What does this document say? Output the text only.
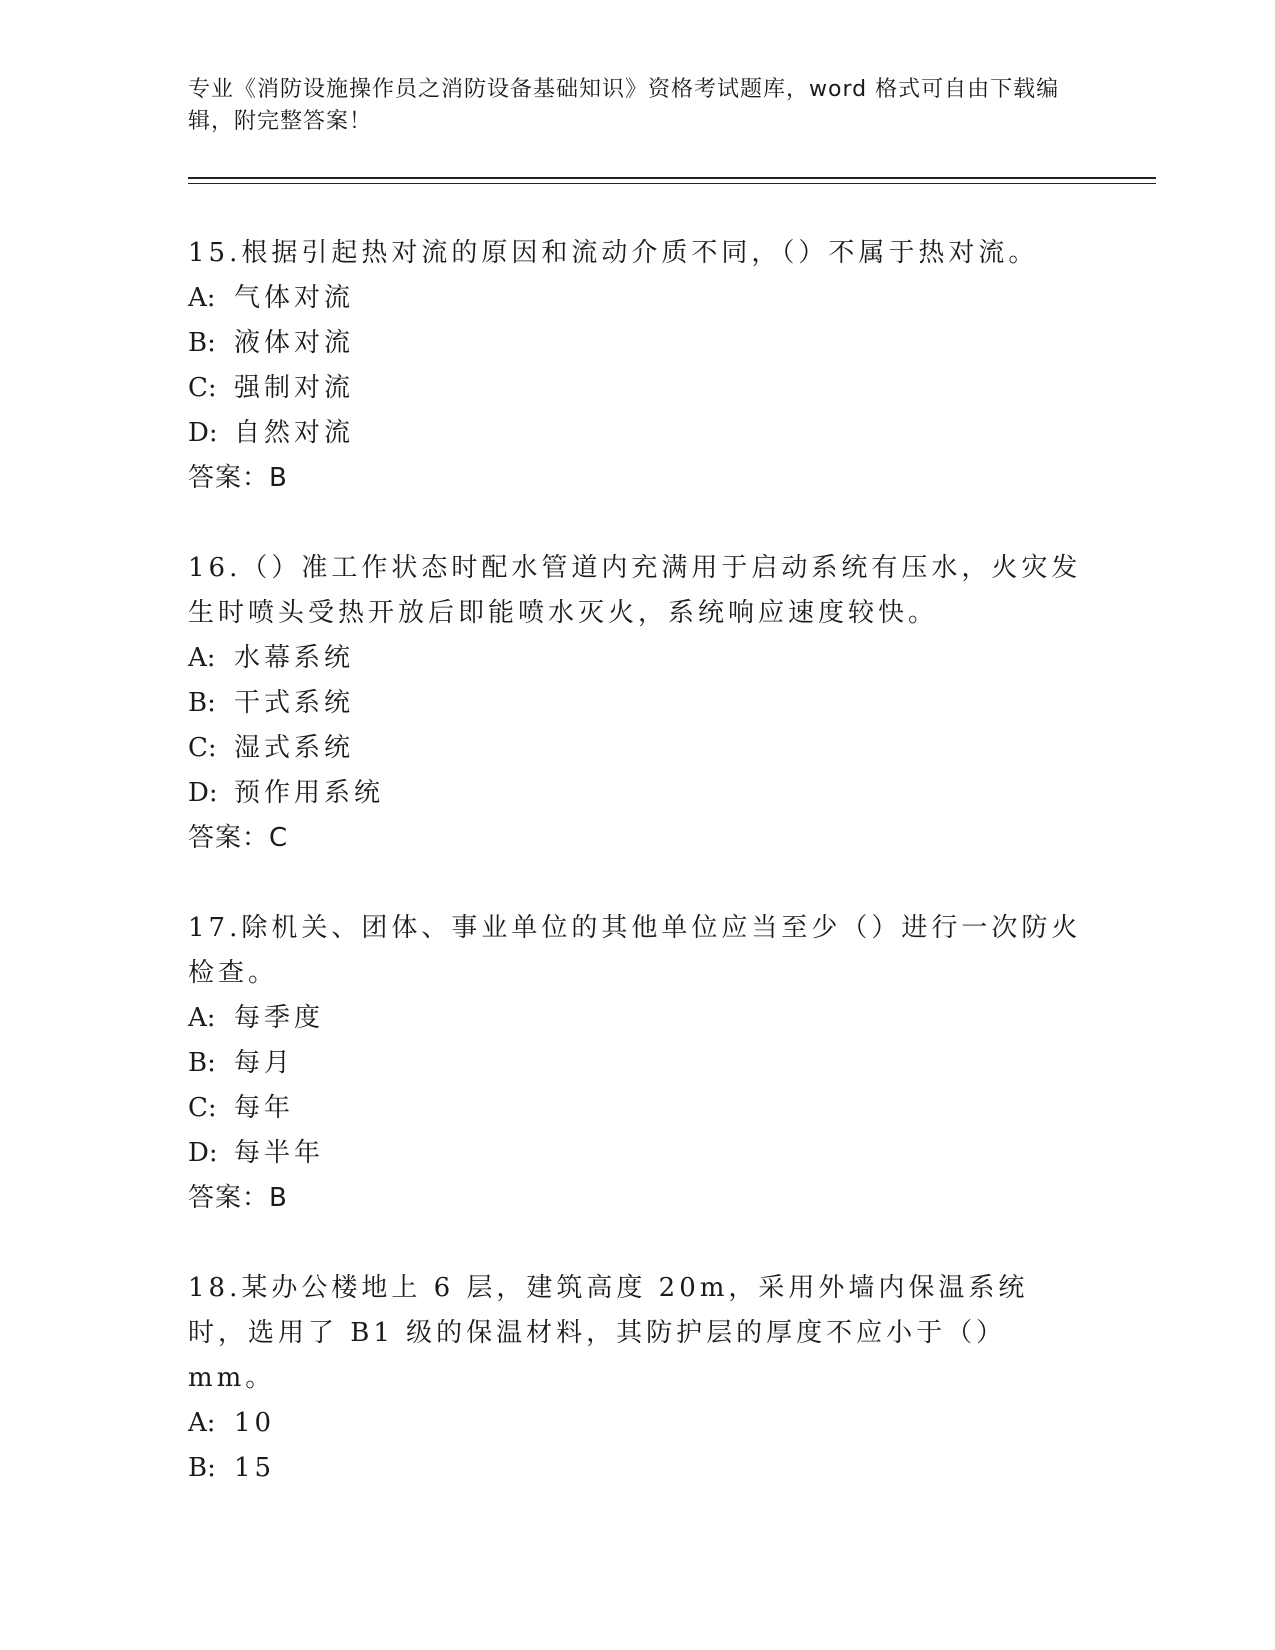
专业《消防设施操作员之消防设备基础知识》资格考试题库，word 格式可自由下载编辑，附完整答案！
15.根据引起热对流的原因和流动介质不同，（）不属于热对流。
A: 气体对流
B: 液体对流
C: 强制对流
D: 自然对流
答案：B
16.（）准工作状态时配水管道内充满用于启动系统有压水，火灾发生时喷头受热开放后即能喷水灭火，系统响应速度较快。
A: 水幕系统
B: 干式系统
C: 湿式系统
D: 预作用系统
答案：C
17.除机关、团体、事业单位的其他单位应当至少（）进行一次防火检查。
A: 每季度
B: 每月
C: 每年
D: 每半年
答案：B
18.某办公楼地上 6 层，建筑高度 20m，采用外墙内保温系统时，选用了 B1 级的保温材料，其防护层的厚度不应小于（）mm。
A: 10
B: 15
